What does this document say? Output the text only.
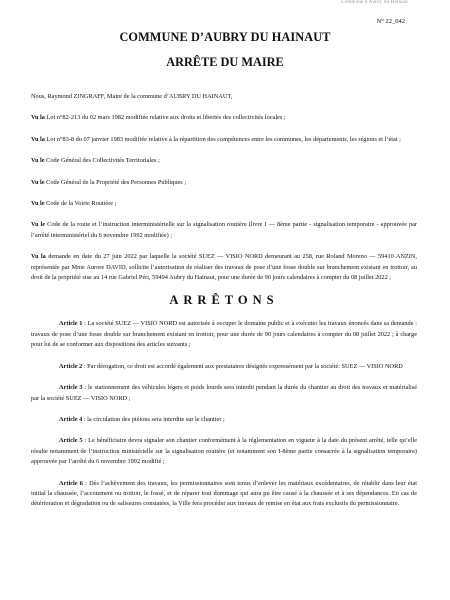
Commune d'Aubry du Hainaut
N° 22_042
COMMUNE D’AUBRY DU HAINAUT
ARRÊTE DU MAIRE

Nous, Raymond ZINGRAFF, Maire de la commune d’AUBRY DU HAINAUT,

Vu la Loi n°82-213 du 02 mars 1982 modifiée relative aux droits et libertés des collectivités locales ;

Vu la Loi n°83-8 du 07 janvier 1983 modifiée relative à la répartition des compétences entre les communes, les départements, les régions et l’état ;

Vu le Code Général des Collectivités Territoriales ;

Vu le Code Général de la Propriété des Personnes Publiques ;

Vu le Code de la Voirie Routière ;

Vu le Code de la route et l’instruction interministérielle sur la signalisation routière (livre I — 8ème partie - signalisation temporaire - approuvée par l’arrêté interministériel du 6 novembre 1992 modifiée) ;

Vu la demande en date du 27 juin 2022 par laquelle la société SUEZ — VISIO NORD demeurant au 258, rue Roland Moreno — 59410 ANZIN, représentée par Mme Aurore DAVID, sollicite l’autorisation de réaliser des travaux de pose d’une fosse double sur branchement existant en trottoir, au droit de la propriété sise au 14 rue Gabriel Péri, 59494 Aubry du Hainaut, pour une durée de 90 jours calendaires à compter du 08 juillet 2022 ;

ARRÊTONS

Article 1 : La société SUEZ — VISIO NORD est autorisée à occuper le domaine public et à exécuter les travaux énoncés dans sa demande : travaux de pose d’une fosse double sur branchement existant en trottoir, pour une durée de 90 jours calendaires à compter du 08 juillet 2022 ; à charge pour lui de se conformer aux dispositions des articles suivants ;

Article 2 : Par dérogation, ce droit est accordé également aux prestataires désignés expressément par la société: SUEZ — VISIO NORD

Article 3 : le stationnement des véhicules légers et poids lourds sera interdit pendant la durée du chantier au droit des travaux et matérialisé par la société SUEZ — VISIO NORD ;

Article 4 : la circulation des piétons sera interdite sur le chantier ;

Article 5 : Le bénéficiaire devra signaler son chantier conformément à la réglementation en vigueur à la date du présent arrêté, telle qu’elle résulte notamment de l’instruction ministérielle sur la signalisation routière (et notamment son I-8ème partie consacrée à la signalisation temporaire) approuvée par l’arrêté du 6 novembre 1992 modifié ;

Article 6 : Dès l’achèvement des travaux, les permissionnaires sont tenus d’enlever les matériaux excédentaires, de rétablir dans leur état initial la chaussée, l’accotement ou trottoir, le fossé, et de réparer tout dommage qui aura pu être causé à la chaussée et à ses dépendances. En cas de détérioration et dégradation ou de salissures constatées, la Ville fera procéder aux travaux de remise en état aux frais exclusifs du permissionnaire.
